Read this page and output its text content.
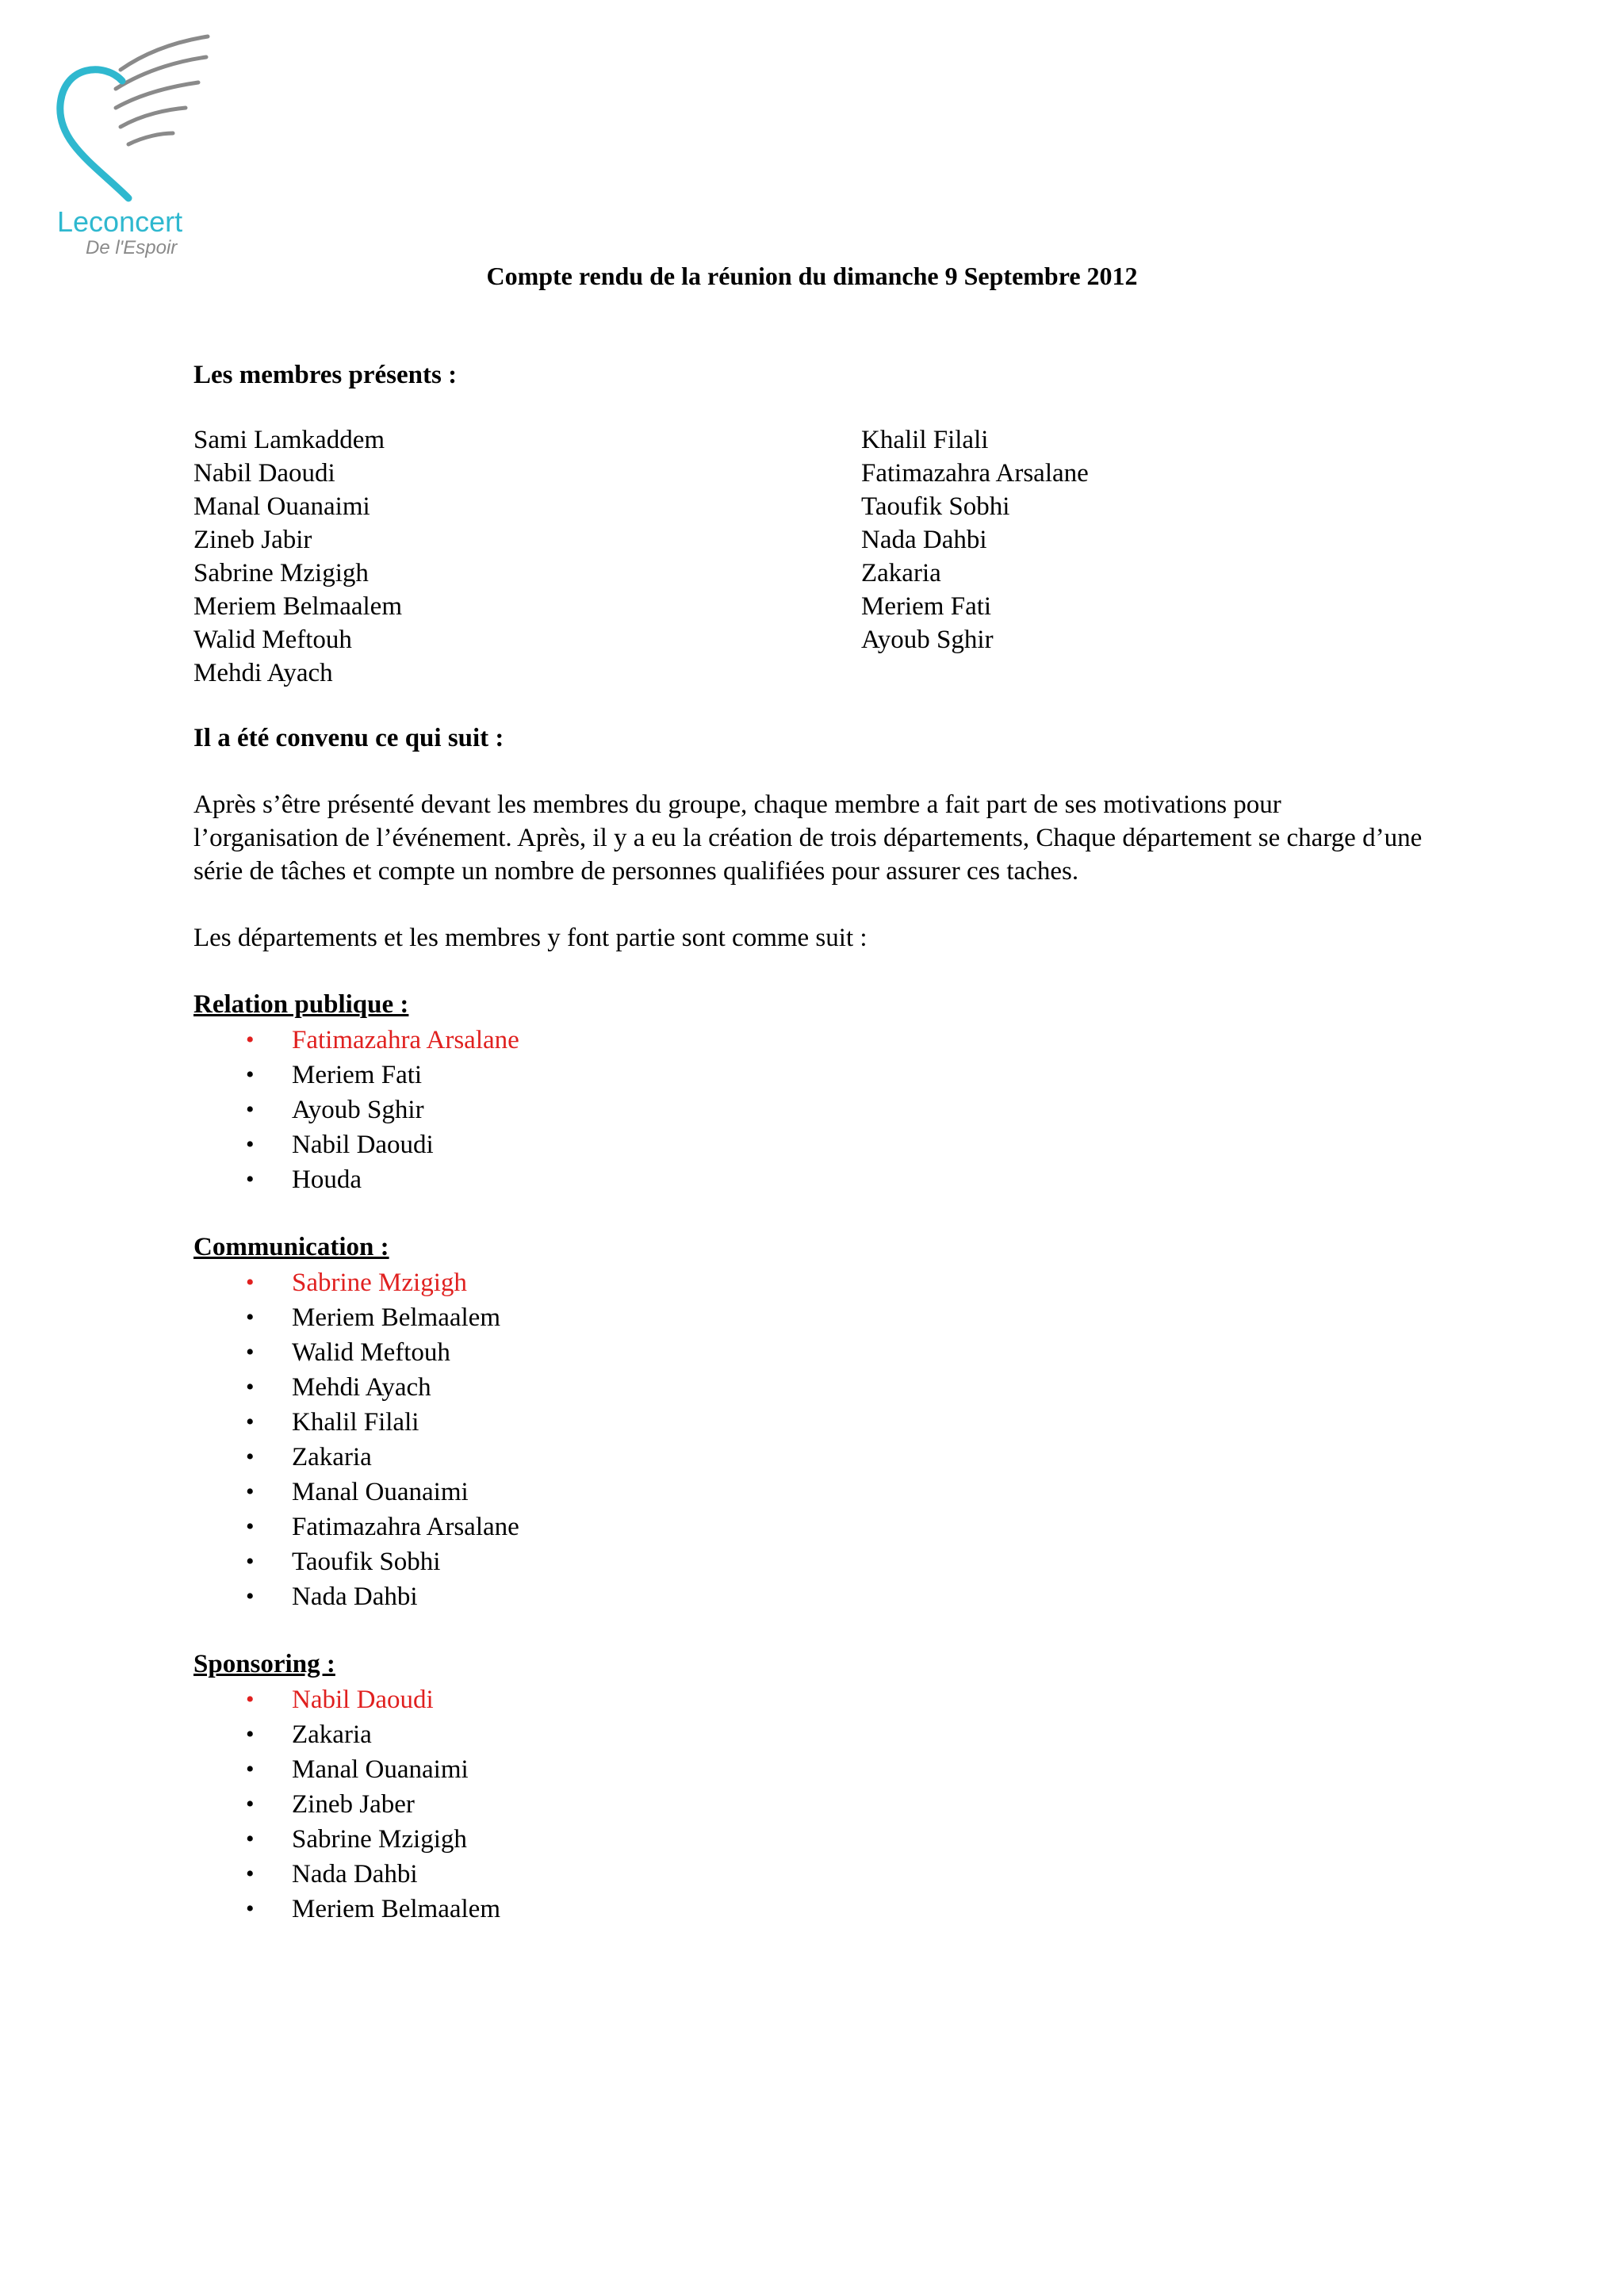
Leconcert
De l'Espoir
Compte rendu de la réunion du dimanche 9 Septembre 2012

Les membres présents :

Sami Lamkaddem
Nabil Daoudi
Manal Ouanaimi
Zineb Jabir
Sabrine Mzigigh
Meriem Belmaalem
Walid Meftouh
Mehdi Ayach
Khalil Filali
Fatimazahra Arsalane
Taoufik Sobhi
Nada Dahbi
Zakaria
Meriem Fati
Ayoub Sghir

Il a été convenu ce qui suit :

Après s’être présenté devant les membres du groupe, chaque membre a fait part de ses motivations pour l’organisation de l’événement. Après, il y a eu la création de trois départements, Chaque département se charge d’une série de tâches et compte un nombre de personnes qualifiées pour assurer ces taches.

Les départements et les membres y font partie sont comme suit :

Relation publique :

• Fatimazahra Arsalane
• Meriem Fati
• Ayoub Sghir
• Nabil Daoudi
• Houda

Communication :

• Sabrine Mzigigh
• Meriem Belmaalem
• Walid Meftouh
• Mehdi Ayach
• Khalil Filali
• Zakaria
• Manal Ouanaimi
• Fatimazahra Arsalane
• Taoufik Sobhi
• Nada Dahbi

Sponsoring :

• Nabil Daoudi
• Zakaria
• Manal Ouanaimi
• Zineb Jaber
• Sabrine Mzigigh
• Nada Dahbi
• Meriem Belmaalem
